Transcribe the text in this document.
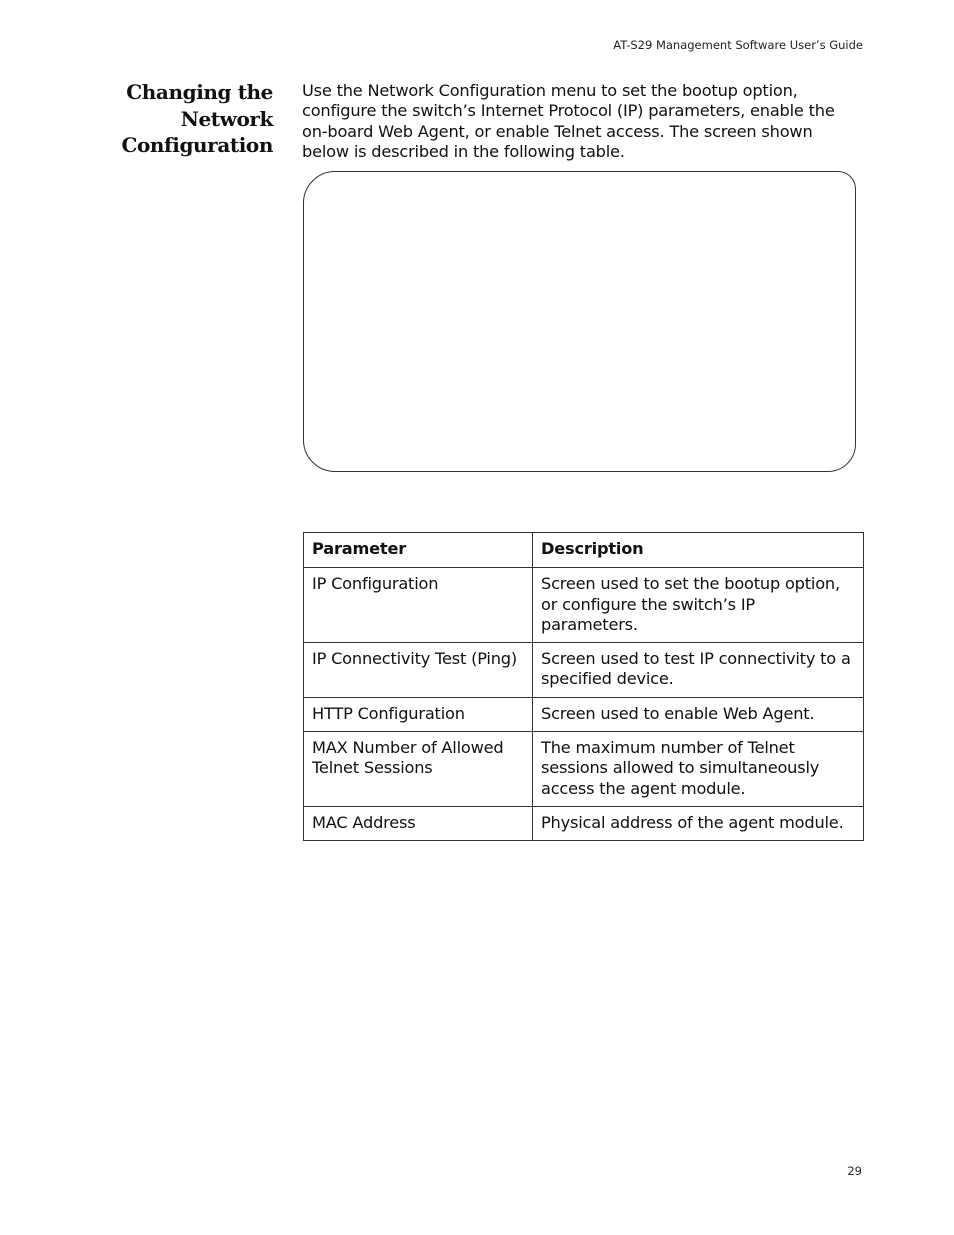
AT-S29 Management Software User’s Guide
Changing the
Network
Configuration
Use the Network Configuration menu to set the bootup option, configure the switch’s Internet Protocol (IP) parameters, enable the on-board Web Agent, or enable Telnet access. The screen shown below is described in the following table.
Parameter	Description
IP Configuration	Screen used to set the bootup option, or configure the switch’s IP parameters.
IP Connectivity Test (Ping)	Screen used to test IP connectivity to a specified device.
HTTP Configuration	Screen used to enable Web Agent.
MAX Number of Allowed Telnet Sessions	The maximum number of Telnet sessions allowed to simultaneously access the agent module.
MAC Address	Physical address of the agent module.
29
